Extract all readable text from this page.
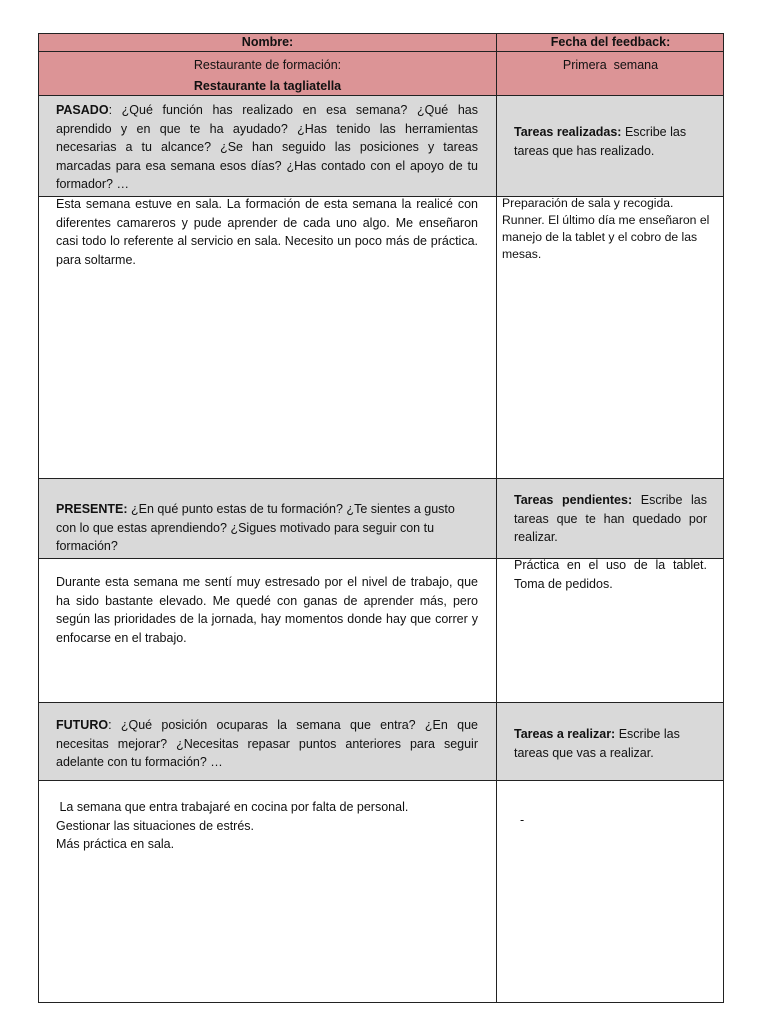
Nombre:	Fecha del feedback:
Restaurante de formación:
Restaurante la tagliatella
Primera  semana
PASADO: ¿Qué función has realizado en esa semana? ¿Qué has aprendido y en que te ha ayudado? ¿Has tenido las herramientas necesarias a tu alcance? ¿Se han seguido las posiciones y tareas marcadas para esa semana esos días? ¿Has contado con el apoyo de tu formador? …
Tareas realizadas: Escribe las tareas que has realizado.
Esta semana estuve en sala. La formación de esta semana la realicé con diferentes camareros y pude aprender de cada uno algo. Me enseñaron casi todo lo referente al servicio en sala. Necesito un poco más de práctica. para soltarme.
Preparación de sala y recogida. Runner. El último día me enseñaron el manejo de la tablet y el cobro de las mesas.
PRESENTE: ¿En qué punto estas de tu formación? ¿Te sientes a gusto con lo que estas aprendiendo? ¿Sigues motivado para seguir con tu formación?
Tareas pendientes: Escribe las tareas que te han quedado por realizar.
Durante esta semana me sentí muy estresado por el nivel de trabajo, que ha sido bastante elevado. Me quedé con ganas de aprender más, pero según las prioridades de la jornada, hay momentos donde hay que correr y enfocarse en el trabajo.
Práctica en el uso de la tablet. Toma de pedidos.
FUTURO: ¿Qué posición ocuparas la semana que entra? ¿En que necesitas mejorar? ¿Necesitas repasar puntos anteriores para seguir adelante con tu formación? …
Tareas a realizar: Escribe las tareas que vas a realizar.
La semana que entra trabajaré en cocina por falta de personal.
Gestionar las situaciones de estrés.
Más práctica en sala.
-
